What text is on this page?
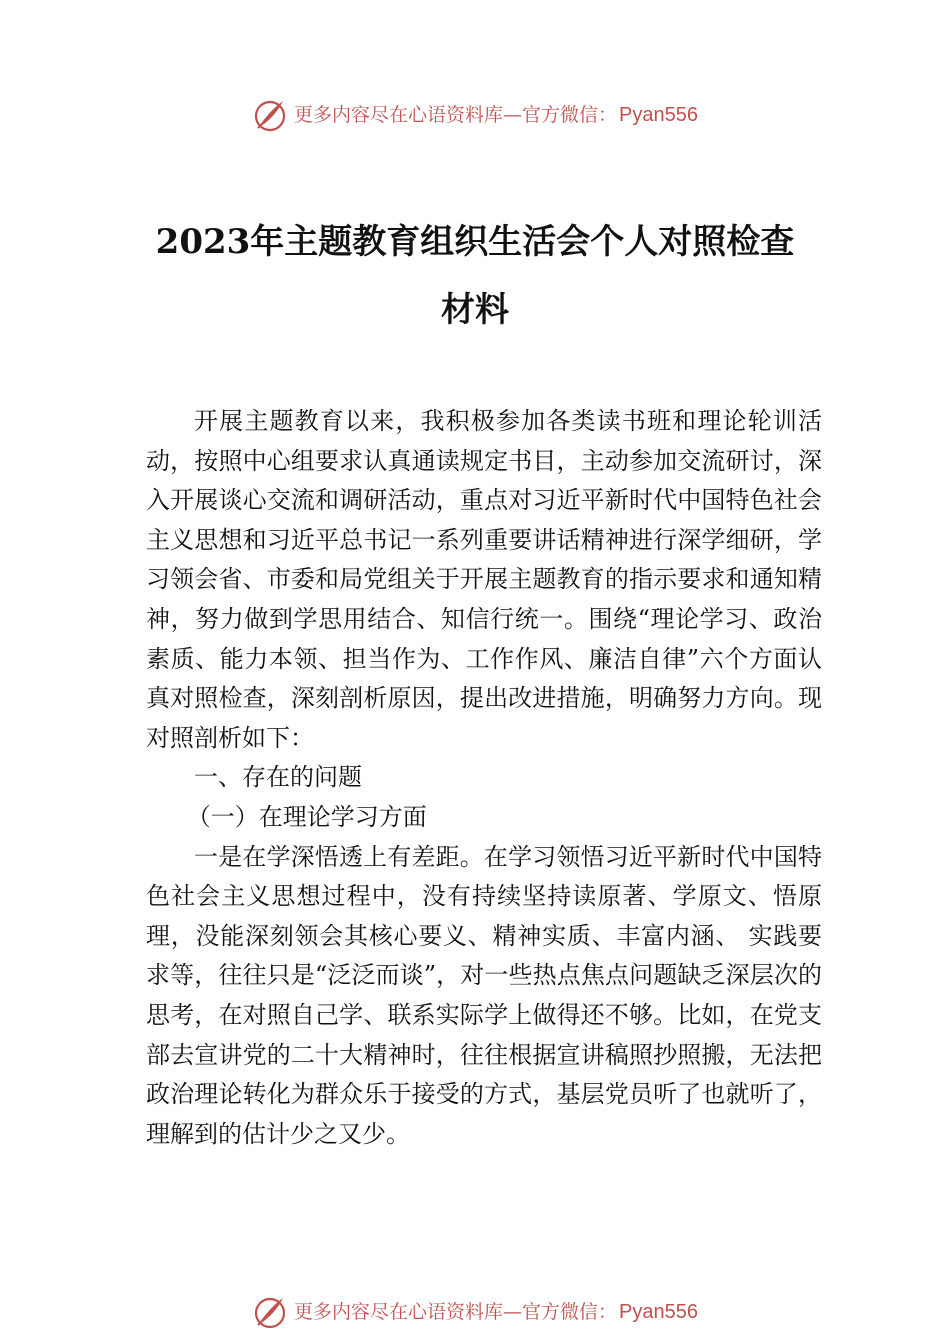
更多内容尽在心语资料库—官方微信： Pyan556
2023年主题教育组织生活会个人对照检查
材料

开展主题教育以来，我积极参加各类读书班和理论轮训活动，按照中心组要求认真通读规定书目，主动参加交流研讨，深入开展谈心交流和调研活动，重点对习近平新时代中国特色社会主义思想和习近平总书记一系列重要讲话精神进行深学细研，学习领会省、市委和局党组关于开展主题教育的指示要求和通知精神，努力做到学思用结合、知信行统一。围绕“理论学习、政治素质、能力本领、担当作为、工作作风、廉洁自律”六个方面认真对照检查，深刻剖析原因，提出改进措施，明确努力方向。现对照剖析如下：

一、存在的问题

（一）在理论学习方面

一是在学深悟透上有差距。在学习领悟习近平新时代中国特色社会主义思想过程中，没有持续坚持读原著、学原文、悟原理，没能深刻领会其核心要义、精神实质、丰富内涵、 实践要求等，往往只是“泛泛而谈”，对一些热点焦点问题缺乏深层次的思考，在对照自己学、联系实际学上做得还不够。比如，在党支部去宣讲党的二十大精神时，往往根据宣讲稿照抄照搬，无法把政治理论转化为群众乐于接受的方式，基层党员听了也就听了，理解到的估计少之又少。

更多内容尽在心语资料库—官方微信： Pyan556
